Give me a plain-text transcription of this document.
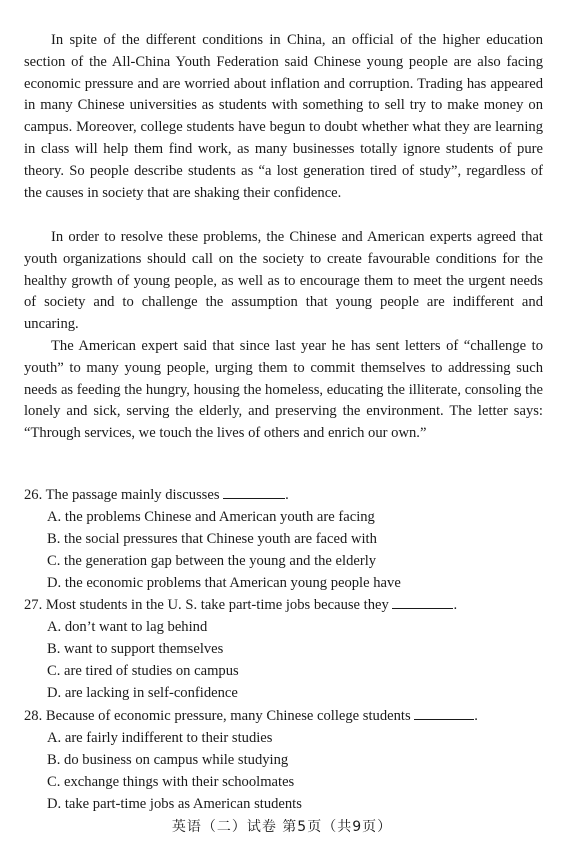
In spite of the different conditions in China, an official of the higher education section of the All-China Youth Federation said Chinese young people are also facing economic pressure and are worried about inflation and corruption. Trading has appeared in many Chinese universities as students with something to sell try to make money on campus. Moreover, college students have begun to doubt whether what they are learning in class will help them find work, as many businesses totally ignore students of pure theory. So people describe students as “a lost generation tired of study”, regardless of the causes in society that are shaking their confidence.

In order to resolve these problems, the Chinese and American experts agreed that youth organizations should call on the society to create favourable conditions for the healthy growth of young people, as well as to encourage them to meet the urgent needs of society and to challenge the assumption that young people are indifferent and uncaring.

The American expert said that since last year he has sent letters of “challenge to youth” to many young people, urging them to commit themselves to addressing such needs as feeding the hungry, housing the homeless, educating the illiterate, consoling the lonely and sick, serving the elderly, and preserving the environment. The letter says: “Through services, we touch the lives of others and enrich our own.”

26. The passage mainly discusses	.
A. the problems Chinese and American youth are facing
B. the social pressures that Chinese youth are faced with
C. the generation gap between the young and the elderly
D. the economic problems that American young people have
27. Most students in the U. S. take part-time jobs because they	.
A. don’t want to lag behind
B. want to support themselves
C. are tired of studies on campus
D. are lacking in self-confidence
28. Because of economic pressure, many Chinese college students	.
A. are fairly indifferent to their studies
B. do business on campus while studying
C. exchange things with their schoolmates
D. take part-time jobs as American students
英语（二）试卷 第5页（共9页）
